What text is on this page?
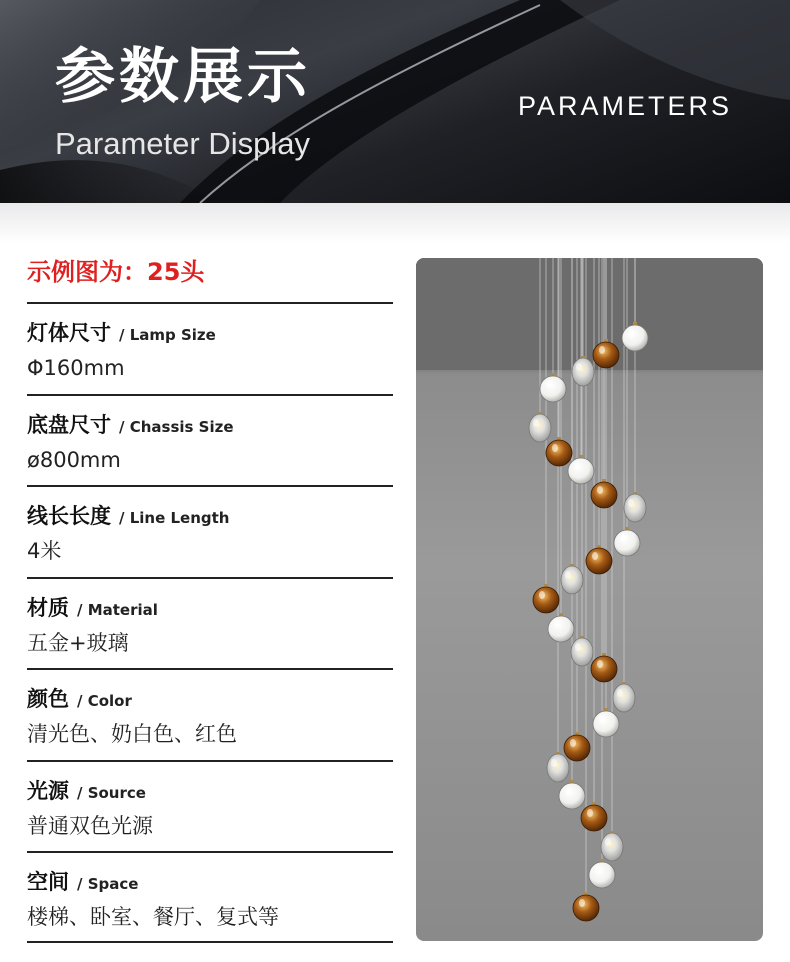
参数展示
Parameter Display
PARAMETERS
示例图为：25头
灯体尺寸 / Lamp Size
Φ160mm
底盘尺寸 / Chassis Size
ø800mm
线长长度 / Line Length
4米
材质 / Material
五金+玻璃
颜色 / Color
清光色、奶白色、红色
光源 / Source
普通双色光源
空间 / Space
楼梯、卧室、餐厅、复式等
